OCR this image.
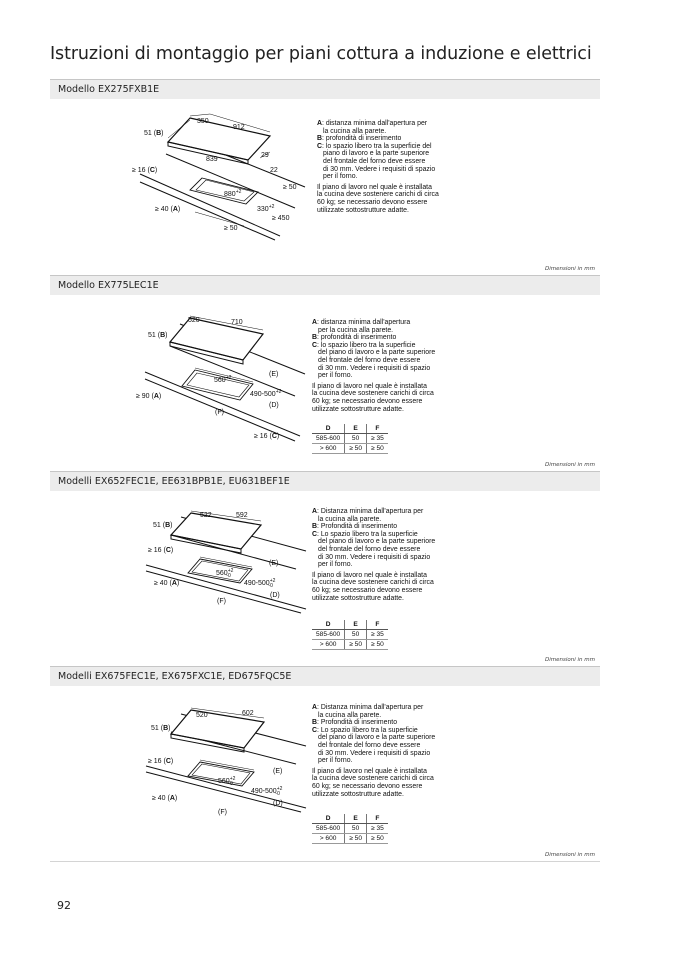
Istruzioni di montaggio per piani cottura a induzione e elettrici
Modello EX275FXB1E
350
912
51 (B)
839
29
22
≥ 16 (C)
$880^{+2}$
≥ 50
≥ 40 (A)	$330^{+2}$
≥ 450
≥ 50

A: distanza minima dall'apertura per

la cucina alla parete.

B: profondità di inserimento

C: lo spazio libero tra la superficie del

piano di lavoro e la parte superiore

del frontale del forno deve essere

di 30 mm. Vedere i requisiti di spazio

per il forno.

Il piano di lavoro nel quale è installata

la cucina deve sostenere carichi di circa

60 kg; se necessario devono essere

utilizzate sottostrutture adatte.

Dimensioni in mm
Modello EX775LEC1E
520	710
51 (B)
(E)
$560^{+2}$
$490-500^{+2}$
(D)
≥ 90 (A)
(F)
≥ 16 (C)

A: distanza minima dall'apertura

per la cucina alla parete.

B: profondità di inserimento

C: lo spazio libero tra la superficie

del piano di lavoro e la parte superiore

del frontale del forno deve essere

di 30 mm. Vedere i requisiti di spazio

per il forno.

Il piano di lavoro nel quale è installata

la cucina deve sostenere carichi di circa

60 kg; se necessario devono essere

utilizzate sottostrutture adatte.

D	E	F
585-600	50	≥ 35
> 600	≥ 50	≥ 50
Dimensioni in mm
Modelli EX652FEC1E, EE631BPB1E, EU631BEF1E
522	592
51 (B)
≥ 16 (C)
(E)
$560^{+2}$ -0
$490-500^{+2}$ -0
≥ 40 (A)
(D)
(F)

A: Distanza minima dall'apertura per

la cucina alla parete.

B: Profondità di inserimento

C: Lo spazio libero tra la superficie

del piano di lavoro e la parte superiore

del frontale del forno deve essere

di 30 mm. Vedere i requisiti di spazio

per il forno.

Il piano di lavoro nel quale è installata

la cucina deve sostenere carichi di circa

60 kg; se necessario devono essere

utilizzate sottostrutture adatte.

D	E	F
585-600	50	≥ 35
> 600	≥ 50	≥ 50
Dimensioni in mm
Modelli EX675FEC1E, EX675FXC1E, ED675FQC5E
520	602
51 (B)
≥ 16 (C)
(E)
$560^{+2}$ -0
$490-500^{+2}$ -0
≥ 40 (A)
(D)
(F)

A: Distanza minima dall'apertura per

la cucina alla parete.

B: Profondità di inserimento

C: Lo spazio libero tra la superficie

del piano di lavoro e la parte superiore

del frontale del forno deve essere

di 30 mm. Vedere i requisiti di spazio

per il forno.

Il piano di lavoro nel quale è installata

la cucina deve sostenere carichi di circa

60 kg; se necessario devono essere

utilizzate sottostrutture adatte.

D	E	F
585-600	50	≥ 35
> 600	≥ 50	≥ 50
Dimensioni in mm
92
